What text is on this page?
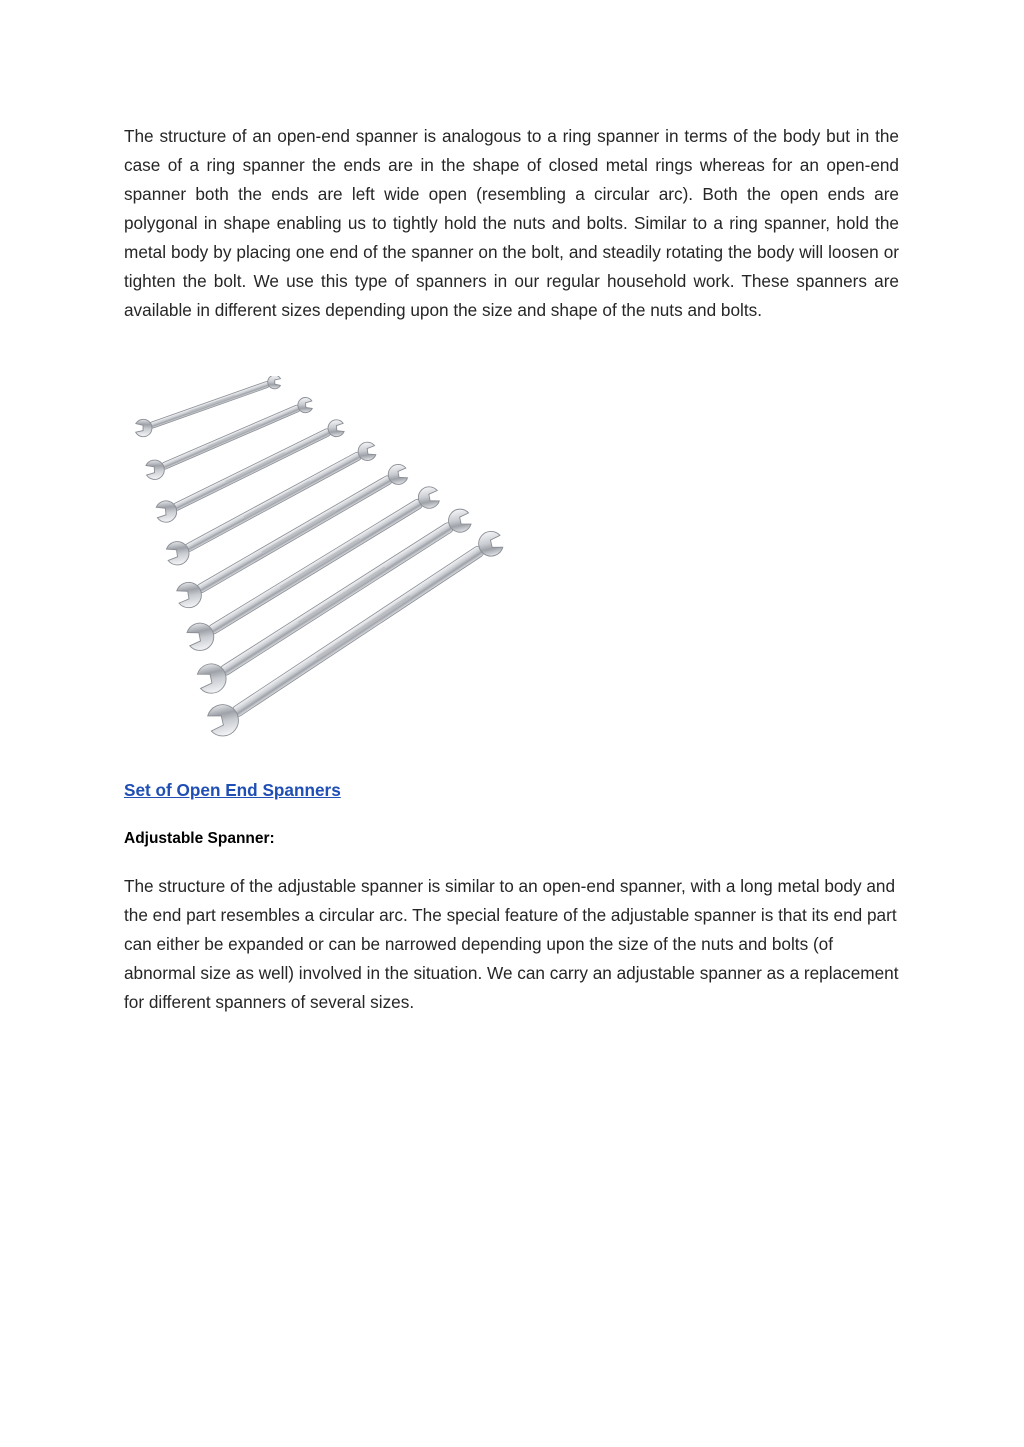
The structure of an open-end spanner is analogous to a ring spanner in terms of the body but in the case of a ring spanner the ends are in the shape of closed metal rings whereas for an open-end spanner both the ends are left wide open (resembling a circular arc). Both the open ends are polygonal in shape enabling us to tightly hold the nuts and bolts. Similar to a ring spanner, hold the metal body by placing one end of the spanner on the bolt, and steadily rotating the body will loosen or tighten the bolt. We use this type of spanners in our regular household work. These spanners are available in different sizes depending upon the size and shape of the nuts and bolts.

Set of Open End Spanners

Adjustable Spanner:

The structure of the adjustable spanner is similar to an open-end spanner, with a long metal body and the end part resembles a circular arc. The special feature of the adjustable spanner is that its end part can either be expanded or can be narrowed depending upon the size of the nuts and bolts (of abnormal size as well) involved in the situation. We can carry an adjustable spanner as a replacement for different spanners of several sizes.
